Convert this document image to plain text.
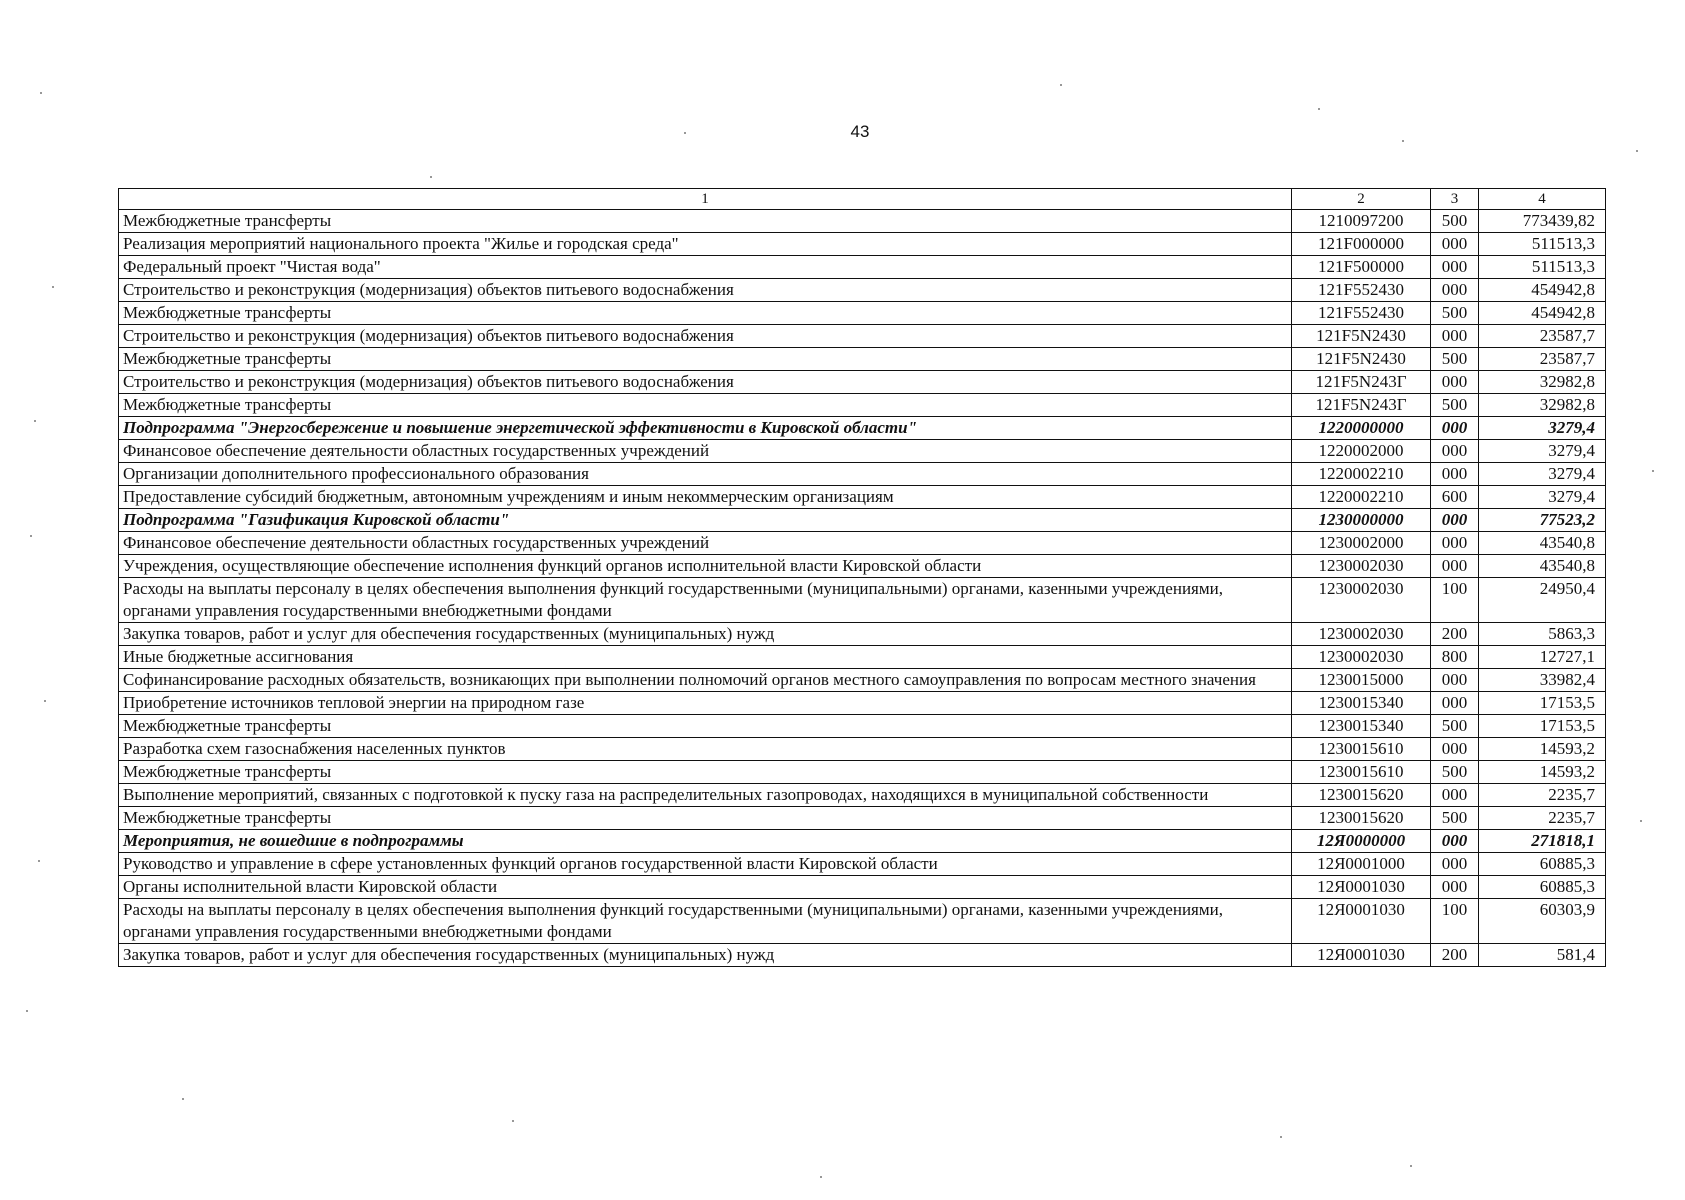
43
1	2	3	4
Межбюджетные трансферты	1210097200	500	773439,82
Реализация мероприятий национального проекта "Жилье и городская среда"	121F000000	000	511513,3
Федеральный проект "Чистая вода"	121F500000	000	511513,3
Строительство и реконструкция (модернизация) объектов питьевого водоснабжения	121F552430	000	454942,8
Межбюджетные трансферты	121F552430	500	454942,8
Строительство и реконструкция (модернизация) объектов питьевого водоснабжения	121F5N2430	000	23587,7
Межбюджетные трансферты	121F5N2430	500	23587,7
Строительство и реконструкция (модернизация) объектов питьевого водоснабжения	121F5N243Г	000	32982,8
Межбюджетные трансферты	121F5N243Г	500	32982,8
Подпрограмма "Энергосбережение и повышение энергетической эффективности в Кировской области"	1220000000	000	3279,4
Финансовое обеспечение деятельности областных государственных учреждений	1220002000	000	3279,4
Организации дополнительного профессионального образования	1220002210	000	3279,4
Предоставление субсидий бюджетным, автономным учреждениям и иным некоммерческим организациям	1220002210	600	3279,4
Подпрограмма "Газификация Кировской области"	1230000000	000	77523,2
Финансовое обеспечение деятельности областных государственных учреждений	1230002000	000	43540,8
Учреждения, осуществляющие обеспечение исполнения функций органов исполнительной власти Кировской области	1230002030	000	43540,8
Расходы на выплаты персоналу в целях обеспечения выполнения функций государственными (муниципальными) органами, казенными учреждениями, органами управления государственными внебюджетными фондами	1230002030	100	24950,4
Закупка товаров, работ и услуг для обеспечения государственных (муниципальных) нужд	1230002030	200	5863,3
Иные бюджетные ассигнования	1230002030	800	12727,1
Софинансирование расходных обязательств, возникающих при выполнении полномочий органов местного самоуправления по вопросам местного значения	1230015000	000	33982,4
Приобретение источников тепловой энергии на природном газе	1230015340	000	17153,5
Межбюджетные трансферты	1230015340	500	17153,5
Разработка схем газоснабжения населенных пунктов	1230015610	000	14593,2
Межбюджетные трансферты	1230015610	500	14593,2
Выполнение мероприятий, связанных с подготовкой к пуску газа на распределительных газопроводах, находящихся в муниципальной собственности	1230015620	000	2235,7
Межбюджетные трансферты	1230015620	500	2235,7
Мероприятия, не вошедшие в подпрограммы	12Я0000000	000	271818,1
Руководство и управление в сфере установленных функций органов государственной власти Кировской области	12Я0001000	000	60885,3
Органы исполнительной власти Кировской области	12Я0001030	000	60885,3
Расходы на выплаты персоналу в целях обеспечения выполнения функций государственными (муниципальными) органами, казенными учреждениями, органами управления государственными внебюджетными фондами	12Я0001030	100	60303,9
Закупка товаров, работ и услуг для обеспечения государственных (муниципальных) нужд	12Я0001030	200	581,4
